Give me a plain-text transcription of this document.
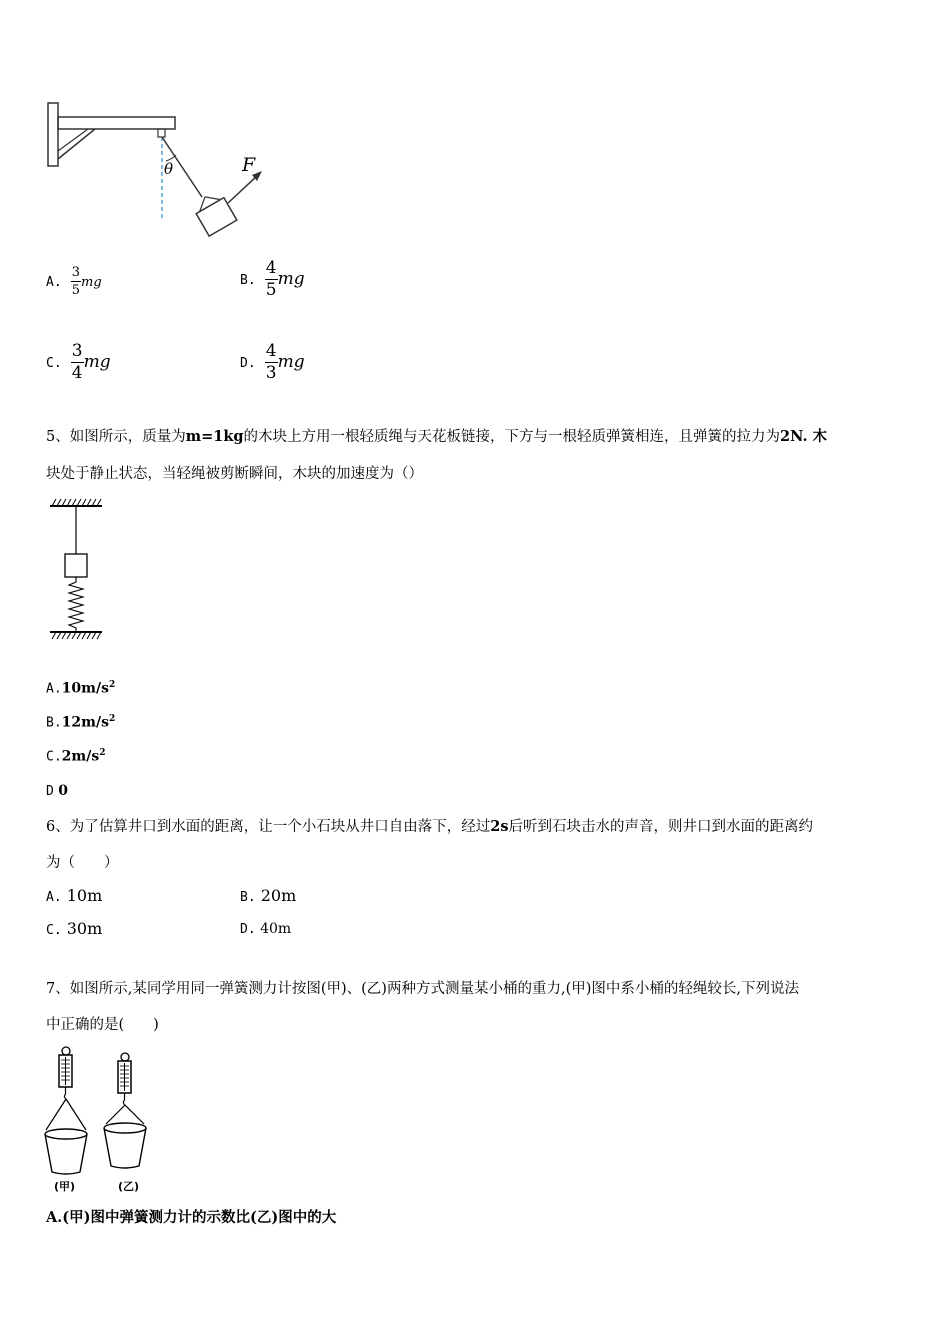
θ	F
A. $\frac{3}{5}$ mg	B. $\frac{4}{5}$ mg
C. $\frac{3}{4}$ mg	D. $\frac{4}{3}$ mg
5、如图所示，质量为m=1kg的木块上方用一根轻质绳与天花板链接，下方与一根轻质弹簧相连，且弹簧的拉力为2N. 木
块处于静止状态，当轻绳被剪断瞬间，木块的加速度为（）
$A.10m/s^2$
$B.12m/s^2$
$C.2m/s^2$
D 0
6、为了估算井口到水面的距离，让一个小石块从井口自由落下，经过2s后听到石块击水的声音，则井口到水面的距离约
为（　　）
A. 10m	B. 20m
C. 30m	D. 40m
7、如图所示,某同学用同一弹簧测力计按图(甲)、(乙)两种方式测量某小桶的重力,(甲)图中系小桶的轻绳较长,下列说法
中正确的是(　　)
(甲)	(乙)
A.(甲)图中弹簧测力计的示数比(乙)图中的大
